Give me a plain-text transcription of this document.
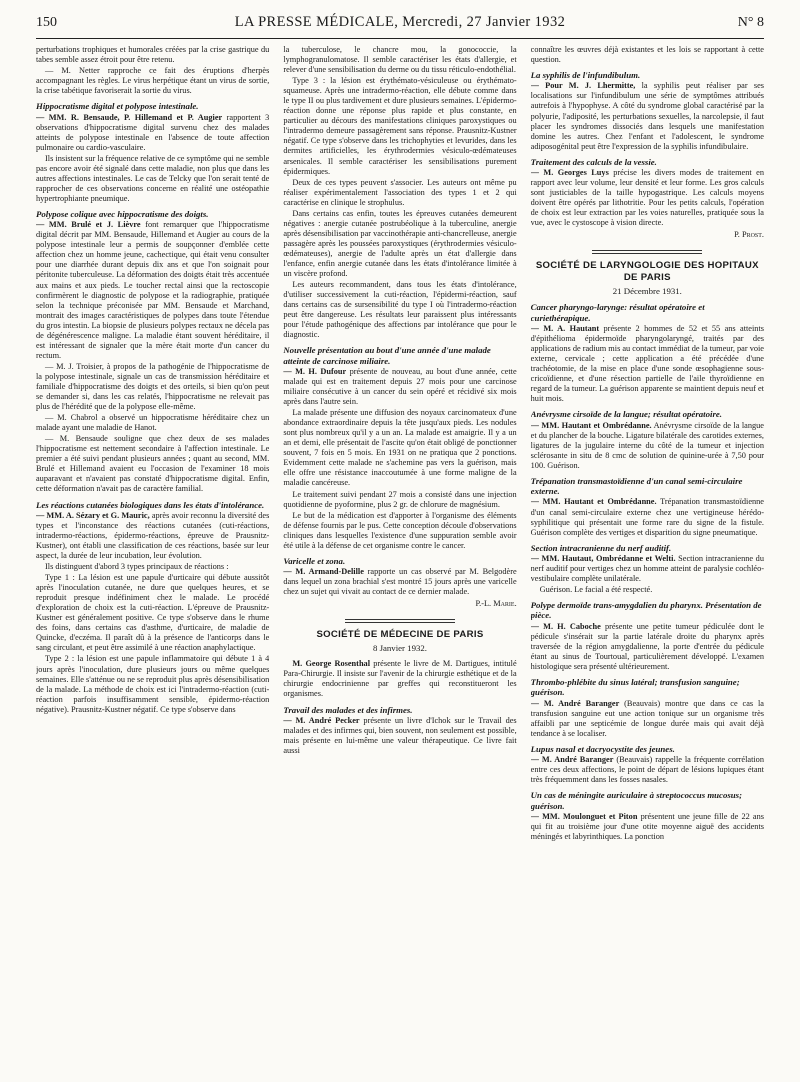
150	LA PRESSE MÉDICALE, Mercredi, 27 Janvier 1932	N° 8

perturbations trophiques et humorales créées par la crise gastrique du tabes semble assez étroit pour être retenu.

— M. Netter rapproche ce fait des éruptions d'herpès accompagnant les règles. Le virus herpétique étant un virus de sortie, la crise tabétique favoriserait la sortie du virus.

Hippocratisme digital et polypose intestinale.

— MM. R. Bensaude, P. Hillemand et P. Augier rapportent 3 observations d'hippocratisme digital survenu chez des malades atteints de polypose intestinale en l'absence de toute affection pulmonaire ou cardio-vasculaire.

Ils insistent sur la fréquence relative de ce symptôme qui ne semble pas encore avoir été signalé dans cette maladie, non plus que dans les autres affections intestinales. Le cas de Telcky que l'on serait tenté de rapprocher de ces observations concerne en réalité une ostéopathie hypertrophiante pneumique.

Polypose colique avec hippocratisme des doigts.

— MM. Brulé et J. Lièvre font remarquer que l'hippocratisme digital décrit par MM. Bensaude, Hillemand et Augier au cours de la polypose intestinale leur a permis de soupçonner d'emblée cette affection chez un homme jeune, cachectique, qui était venu consulter pour une diarrhée durant depuis dix ans et que l'on soignait pour péritonite tuberculeuse. La déformation des doigts était très accentuée aux mains et aux pieds. Le toucher rectal ainsi que la rectoscopie confirmèrent le diagnostic de polypose et la radiographie, pratiquée selon la technique préconisée par MM. Bensaude et Marchand, montrait des images caractéristiques de polypes dans toute l'étendue du gros intestin. La biopsie de plusieurs polypes rectaux ne décela pas de dégénérescence maligne. La maladie étant souvent héréditaire, il est intéressant de signaler que la mère était morte d'un cancer du rectum.

— M. J. Troisier, à propos de la pathogénie de l'hippocratisme de la polypose intestinale, signale un cas de transmission héréditaire et familiale d'hippocratisme des doigts et des orteils, si bien qu'on peut se demander si, dans les cas relatés, l'hippocratisme ne relevait pas plus de l'hérédité que de la polypose elle-même.

— M. Chabrol a observé un hippocratisme héréditaire chez un malade ayant une maladie de Hanot.

— M. Bensaude souligne que chez deux de ses malades l'hippocratisme est nettement secondaire à l'affection intestinale. Le premier a été suivi pendant plusieurs années ; quant au second, MM. Brulé et Hillemand avaient eu l'occasion de l'examiner 18 mois auparavant et n'avaient pas constaté d'hippocratisme digital. Enfin, cette déformation n'avait pas de caractère familial.

Les réactions cutanées biologiques dans les états d'intolérance.

— MM. A. Sézary et G. Mauric, après avoir reconnu la diversité des types et l'inconstance des réactions cutanées (cuti-réactions, intradermo-réactions, épidermo-réactions, épreuve de Prausnitz-Kustner), ont établi une classification de ces réactions, basée sur leur aspect, la durée de leur incubation, leur évolution.

Ils distinguent d'abord 3 types principaux de réactions :

Type 1 : La lésion est une papule d'urticaire qui débute aussitôt après l'inoculation cutanée, ne dure que quelques heures, et se reproduit presque indéfiniment chez le malade. Le procédé d'exploration de choix est la cuti-réaction. L'épreuve de Prausnitz-Kustner est généralement positive. Ce type s'observe dans le rhume des foins, dans certains cas d'asthme, d'urticaire, de maladie de Quincke, d'eczéma. Il paraît dû à la présence de l'anticorps dans le sang circulant, et peut être assimilé à une réaction anaphylactique.

Type 2 : la lésion est une papule inflammatoire qui débute 1 à 4 jours après l'inoculation, dure plusieurs jours ou même quelques semaines. Elle s'atténue ou ne se reproduit plus après désensibilisation de la malade. La méthode de choix est ici l'intradermo-réaction (cuti-réaction parfois insuffisamment sensible, épidermo-réaction négative). Prausnitz-Kustner négatif. Ce type s'observe dans

la tuberculose, le chancre mou, la gonococcie, la lymphogranulomatose. Il semble caractériser les états d'allergie, et relever d'une sensibilisation du derme ou du tissu réticulo-endothélial.

Type 3 : la lésion est érythémato-vésiculeuse ou érythémato-squameuse. Après une intradermo-réaction, elle débute comme dans le type II ou plus tardivement et dure plusieurs semaines. L'épidermo-réaction donne une réponse plus rapide et plus constante, en particulier au décours des manifestations cliniques paroxystiques ou l'intradermo demeure passagèrement sans réponse. Prausnitz-Kustner négatif. Ce type s'observe dans les trichophyties et levurides, dans les dermites artificielles, les érythrodermies vésiculo-œdémateuses arsenicales. Il semble caractériser les sensibilisations purement épidermiques.

Deux de ces types peuvent s'associer. Les auteurs ont même pu réaliser expérimentalement l'association des types 1 et 2 qui caractérise en clinique le strophulus.

Dans certains cas enfin, toutes les épreuves cutanées demeurent négatives : anergie cutanée postrubéolique à la tuberculine, anergie après désensibilisation par vaccinothérapie anti-chancrelleuse, anergie passagère après les poussées paroxystiques (érythrodermies vésiculo-œdémateuses), anergie de l'adulte après un état d'allergie dans l'enfance, enfin anergie cutanée dans les états d'intolérance limitée à un viscère profond.

Les auteurs recommandent, dans tous les états d'intolérance, d'utiliser successivement la cuti-réaction, l'épidermi-réaction, sauf dans certains cas de sursensibilité du type I où l'intradermo-réaction peut être dangereuse. Les résultats leur paraissent plus intéressants pour l'étude pathogénique des affections par intolérance que pour le diagnostic.

Nouvelle présentation au bout d'une année d'une malade atteinte de carcinose miliaire.

— M. H. Dufour présente de nouveau, au bout d'une année, cette malade qui est en traitement depuis 27 mois pour une carcinose miliaire consécutive à un cancer du sein opéré et récidivé six mois après dans l'autre sein.

La malade présente une diffusion des noyaux carcinomateux d'une abondance extraordinaire depuis la tête jusqu'aux pieds. Les nodules sont plus nombreux qu'il y a un an. La malade est amaigrie. Il y a un an et demi, elle présentait de l'ascite qu'on était obligé de ponctionner souvent, 7 fois en 5 mois. En 1931 on ne pratiqua que 2 ponctions. Evidemment cette malade ne s'achemine pas vers la guérison, mais elle offre une résistance inaccoutumée à une forme maligne de la maladie cancéreuse.

Le traitement suivi pendant 27 mois a consisté dans une injection quotidienne de pyoformine, plus 2 gr. de chlorure de magnésium.

Le but de la médication est d'apporter à l'organisme des éléments de défense fournis par le pus. Cette conception découle d'observations cliniques dans lesquelles l'existence d'une suppuration semble avoir été utile à la défense de cet organisme contre le cancer.

Varicelle et zona.

— M. Armand-Delille rapporte un cas observé par M. Belgodère dans lequel un zona brachial s'est montré 15 jours après une varicelle chez un sujet qui vivait au contact de ce dernier malade.

P.-L. Marie.
SOCIÉTÉ DE MÉDECINE DE PARIS
8 Janvier 1932.

M. George Rosenthal présente le livre de M. Dartigues, intitulé Para-Chirurgie. Il insiste sur l'avenir de la chirurgie esthétique et de la chirurgie endocrinienne par greffes qui reconstitueront les organismes.

Travail des malades et des infirmes.

— M. André Pecker présente un livre d'Ichok sur le Travail des malades et des infirmes qui, bien souvent, non seulement est possible, mais présente en lui-même une valeur thérapeutique. Ce livre fait aussi

connaître les œuvres déjà existantes et les lois se rapportant à cette question.

La syphilis de l'infundibulum.

— Pour M. J. Lhermitte, la syphilis peut réaliser par ses localisations sur l'infundibulum une série de symptômes attribués autrefois à l'hypophyse. A côté du syndrome global caractérisé par la polyurie, l'adiposité, les perturbations sexuelles, la narcolepsie, il faut placer les syndromes dissociés dans lesquels une manifestation domine les autres. Chez l'enfant et l'adolescent, le syndrome adiposogénital peut être l'expression de la syphilis infundibulaire.

Traitement des calculs de la vessie.

— M. Georges Luys précise les divers modes de traitement en rapport avec leur volume, leur densité et leur forme. Les gros calculs sont justiciables de la taille hypogastrique. Les calculs moyens doivent être opérés par lithotritie. Pour les petits calculs, l'opération de choix est leur extraction par les voies naturelles, pratiquée sous la vue, avec le cystoscope à vision directe.

P. Prost.
SOCIÉTÉ DE LARYNGOLOGIE DES HOPITAUX DE PARIS
21 Décembre 1931.
Cancer pharyngo-larynge: résultat opératoire et curiethérapique.

— M. A. Hautant présente 2 hommes de 52 et 55 ans atteints d'épithélioma épidermoïde pharyngolaryngé, traités par des applications de radium mis au contact immédiat de la tumeur, par voie externe, cervicale ; cette application a été précédée d'une trachéotomie, de la mise en place d'une sonde œsophagienne sous-cricoïdienne, et d'une résection partielle de l'aile thyroïdienne en regard de la tumeur. La guérison apparente se maintient depuis neuf et huit mois.

Anévrysme cirsoïde de la langue; résultat opératoire.

— MM. Hautant et Ombrédanne. Anévrysme cirsoïde de la langue et du plancher de la bouche. Ligature bilatérale des carotides externes, ligatures de la jugulaire interne du côté de la tumeur et injection sclérosante in situ de 8 cmc de solution de quinine-urée à 7,50 pour 100. Guérison.

Trépanation transmastoïdienne d'un canal semi-circulaire externe.

— MM. Hautant et Ombrédanne. Trépanation transmastoïdienne d'un canal semi-circulaire externe chez une vertigineuse hérédo-syphilitique qui présentait une forme rare du signe de la fistule. Guérison complète des vertiges et disparition du signe pneumatique.

Section intracranienne du nerf auditif.

— MM. Hautaut, Ombrédanne et Welti. Section intracranienne du nerf auditif pour vertiges chez un homme atteint de paralysie cochléo-vestibulaire complète unilatérale.

Guérison. Le facial a été respecté.

Polype dermoïde trans-amygdalien du pharynx. Présentation de pièce.

— M. H. Caboche présente une petite tumeur pédiculée dont le pédicule s'insérait sur la partie latérale droite du pharynx après traversée de la région amygdalienne, la porte d'entrée du pédicule étant au sinus de Tourtoual, particulièrement développé. L'examen histologique sera présenté ultérieurement.

Thrombo-phlébite du sinus latéral; transfusion sanguine; guérison.

— M. André Baranger (Beauvais) montre que dans ce cas la transfusion sanguine eut une action tonique sur un organisme très affaibli par une septicémie de longue durée mais qui avait déjà tendance à se localiser.

Lupus nasal et dacryocystite des jeunes.

— M. André Baranger (Beauvais) rappelle la fréquente corrélation entre ces deux affections, le point de départ de lésions lupiques étant très fréquemment dans les fosses nasales.

Un cas de méningite auriculaire à streptococcus mucosus; guérison.

— MM. Moulonguet et Piton présentent une jeune fille de 22 ans qui fit au troisième jour d'une otite moyenne aiguë des accidents méningés et labyrinthiques. La ponction
